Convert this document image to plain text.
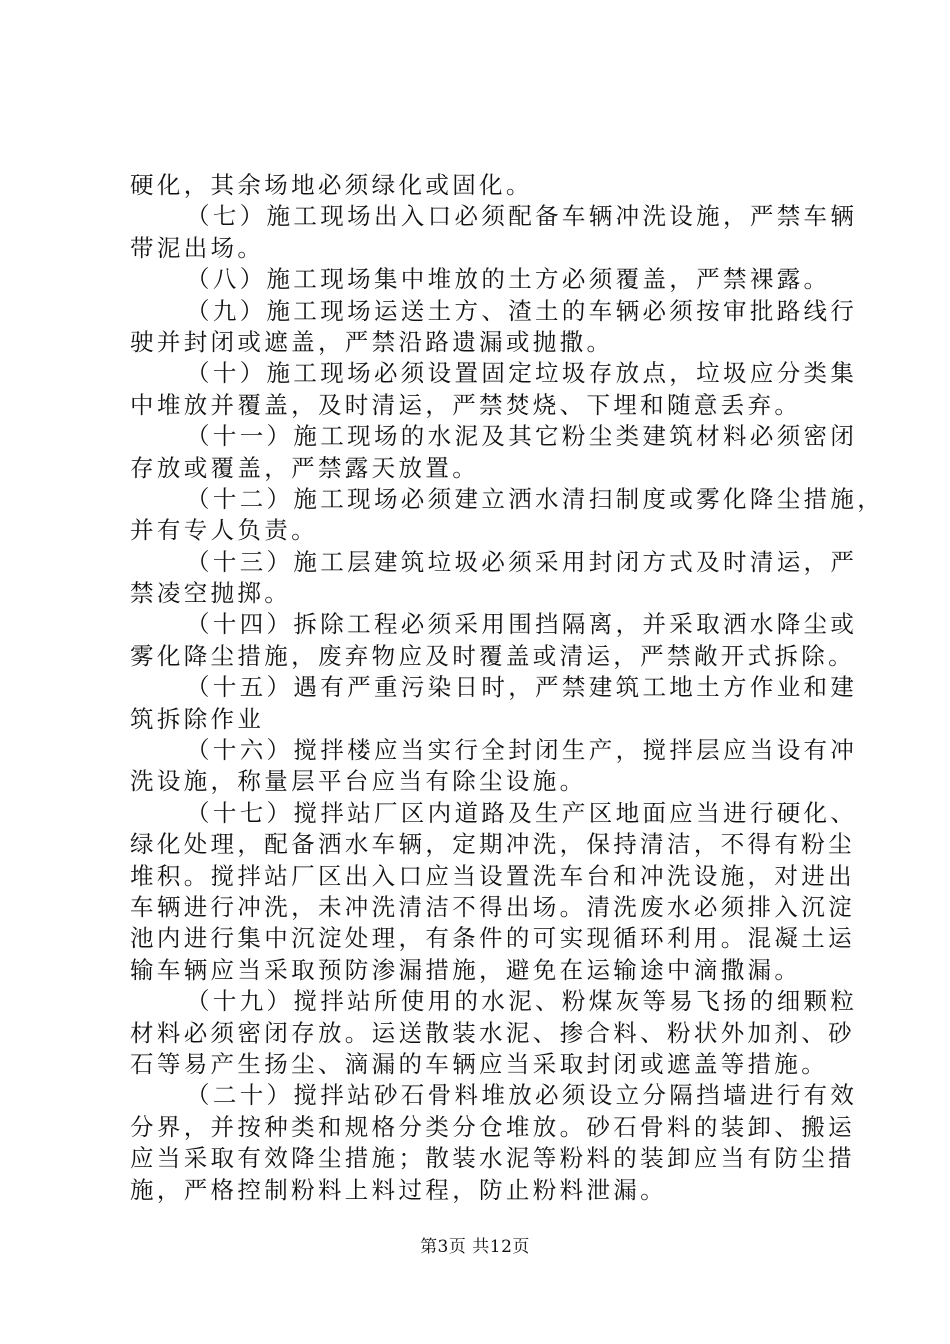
硬化，其余场地必须绿化或固化。
（七）施工现场出入口必须配备车辆冲洗设施，严禁车辆
带泥出场。
（八）施工现场集中堆放的土方必须覆盖，严禁裸露。
（九）施工现场运送土方、渣土的车辆必须按审批路线行
驶并封闭或遮盖，严禁沿路遗漏或抛撒。
（十）施工现场必须设置固定垃圾存放点，垃圾应分类集
中堆放并覆盖，及时清运，严禁焚烧、下埋和随意丢弃。
（十一）施工现场的水泥及其它粉尘类建筑材料必须密闭
存放或覆盖，严禁露天放置。
（十二）施工现场必须建立洒水清扫制度或雾化降尘措施，
并有专人负责。
（十三）施工层建筑垃圾必须采用封闭方式及时清运，严
禁凌空抛掷。
（十四）拆除工程必须采用围挡隔离，并采取洒水降尘或
雾化降尘措施，废弃物应及时覆盖或清运，严禁敞开式拆除。
（十五）遇有严重污染日时，严禁建筑工地土方作业和建
筑拆除作业
（十六）搅拌楼应当实行全封闭生产，搅拌层应当设有冲
洗设施，称量层平台应当有除尘设施。
（十七）搅拌站厂区内道路及生产区地面应当进行硬化、
绿化处理，配备洒水车辆，定期冲洗，保持清洁，不得有粉尘
堆积。搅拌站厂区出入口应当设置洗车台和冲洗设施，对进出
车辆进行冲洗，未冲洗清洁不得出场。清洗废水必须排入沉淀
池内进行集中沉淀处理，有条件的可实现循环利用。混凝土运
输车辆应当采取预防渗漏措施，避免在运输途中滴撒漏。
（十九）搅拌站所使用的水泥、粉煤灰等易飞扬的细颗粒
材料必须密闭存放。运送散装水泥、掺合料、粉状外加剂、砂
石等易产生扬尘、滴漏的车辆应当采取封闭或遮盖等措施。
（二十）搅拌站砂石骨料堆放必须设立分隔挡墙进行有效
分界，并按种类和规格分类分仓堆放。砂石骨料的装卸、搬运
应当采取有效降尘措施；散装水泥等粉料的装卸应当有防尘措
施，严格控制粉料上料过程，防止粉料泄漏。
第3页 共12页
